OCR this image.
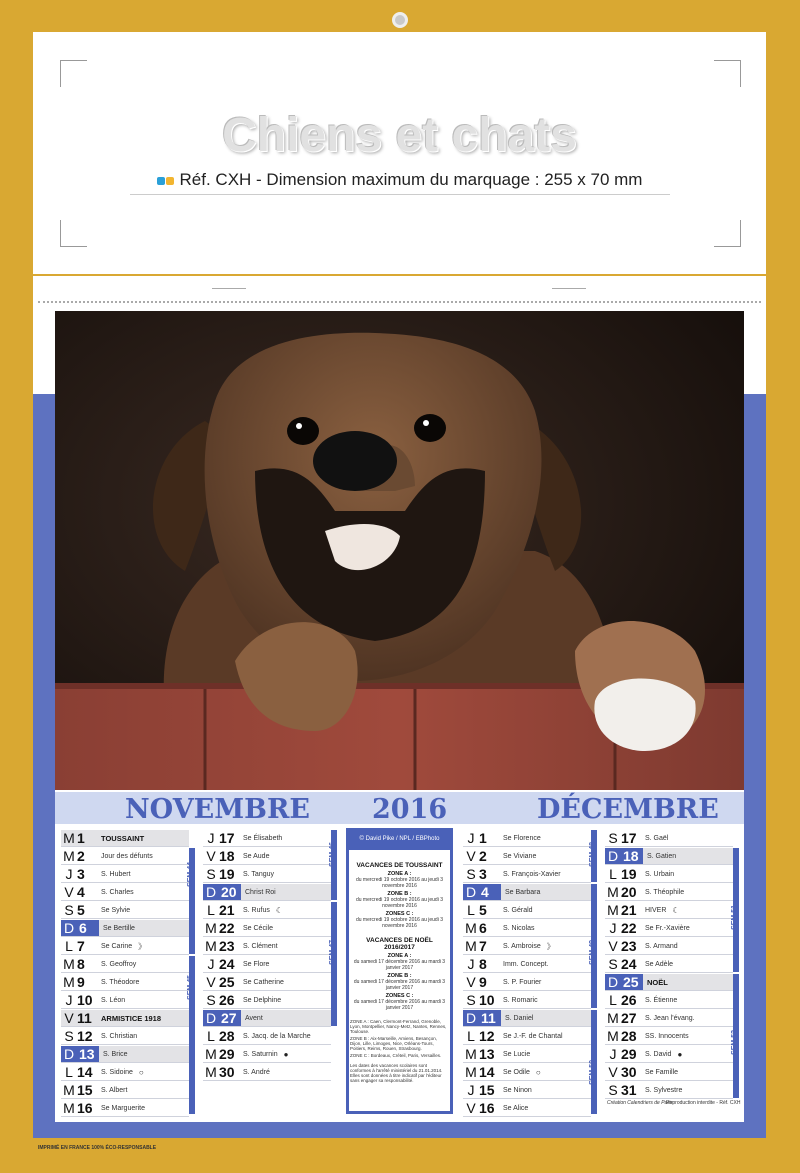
Chiens et chats
Réf. CXH - Dimension maximum du marquage : 255 x 70 mm
NOVEMBRE 2016	DÉCEMBRE
M 1	TOUSSAINT
M 2	Jour des défunts
J 3	S. Hubert
V 4	S. Charles
S 5	Se Sylvie
D 6	Se Bertille
L 7	Se Carine 》
M 8	S. Geoffroy
M 9	S. Théodore
J 10	S. Léon
V 11	ARMISTICE 1918
S 12	S. Christian
D 13	S. Brice
L 14	S. Sidoine ○
M 15	S. Albert
M 16	Se Marguerite
J 17	Se Élisabeth
V 18	Se Aude
S 19	S. Tanguy
D 20	Christ Roi
L 21	S. Rufus ☾
M 22	Se Cécile
M 23	S. Clément
J 24	Se Flore
V 25	Se Catherine
S 26	Se Delphine
D 27	Avent
L 28	S. Jacq. de la Marche
M 29	S. Saturnin ●
M 30	S. André
J 1	Se Florence
V 2	Se Viviane
S 3	S. François-Xavier
D 4	Se Barbara
L 5	S. Gérald
M 6	S. Nicolas
M 7	S. Ambroise 》
J 8	Imm. Concept.
V 9	S. P. Fourier
S 10	S. Romaric
D 11	S. Daniel
L 12	Se J.-F. de Chantal
M 13	Se Lucie
M 14	Se Odile ○
J 15	Se Ninon
V 16	Se Alice
S 17	S. Gaël
D 18	S. Gatien
L 19	S. Urbain
M 20	S. Théophile
M 21	HIVER ☾
J 22	Se Fr.-Xavière
V 23	S. Armand
S 24	Se Adèle
D 25	NOËL
L 26	S. Étienne
M 27	S. Jean l'évang.
M 28	SS. Innocents
J 29	S. David ●
V 30	Se Famille
S 31	S. Sylvestre
SEM 44
SEM 45
SEM 46
SEM 47
SEM 48
SEM 49
SEM 50
SEM 51
SEM 52
© David Pike / NPL / EBPhoto
VACANCES DE TOUSSAINT
ZONE A :
du mercredi 19 octobre 2016 au jeudi 3 novembre 2016
ZONE B :
du mercredi 19 octobre 2016 au jeudi 3 novembre 2016
ZONES C :
du mercredi 19 octobre 2016 au jeudi 3 novembre 2016
VACANCES DE NOËL 2016/2017
ZONE A :
du samedi 17 décembre 2016 au mardi 3 janvier 2017
ZONE B :
du samedi 17 décembre 2016 au mardi 3 janvier 2017
ZONES C :
du samedi 17 décembre 2016 au mardi 3 janvier 2017
ZONE A : Caen, Clermont-Ferrand, Grenoble, Lyon, Montpellier, Nancy-Metz, Nantes, Rennes, Toulouse.
ZONE B : Aix-Marseille, Amiens, Besançon, Dijon, Lille, Limoges, Nice, Orléans-Tours, Poitiers, Reims, Rouen, Strasbourg.
ZONE C : Bordeaux, Créteil, Paris, Versailles.
Les dates des vacances scolaires sont conformes à l'arrêté ministériel du 21.01.2014. Elles sont données à titre indicatif par l'éditeur sans engager sa responsabilité.
Création Calendriers de Paris
Reproduction interdite - Réf. CXH
IMPRIMÉ EN FRANCE 100% ÉCO-RESPONSABLE
